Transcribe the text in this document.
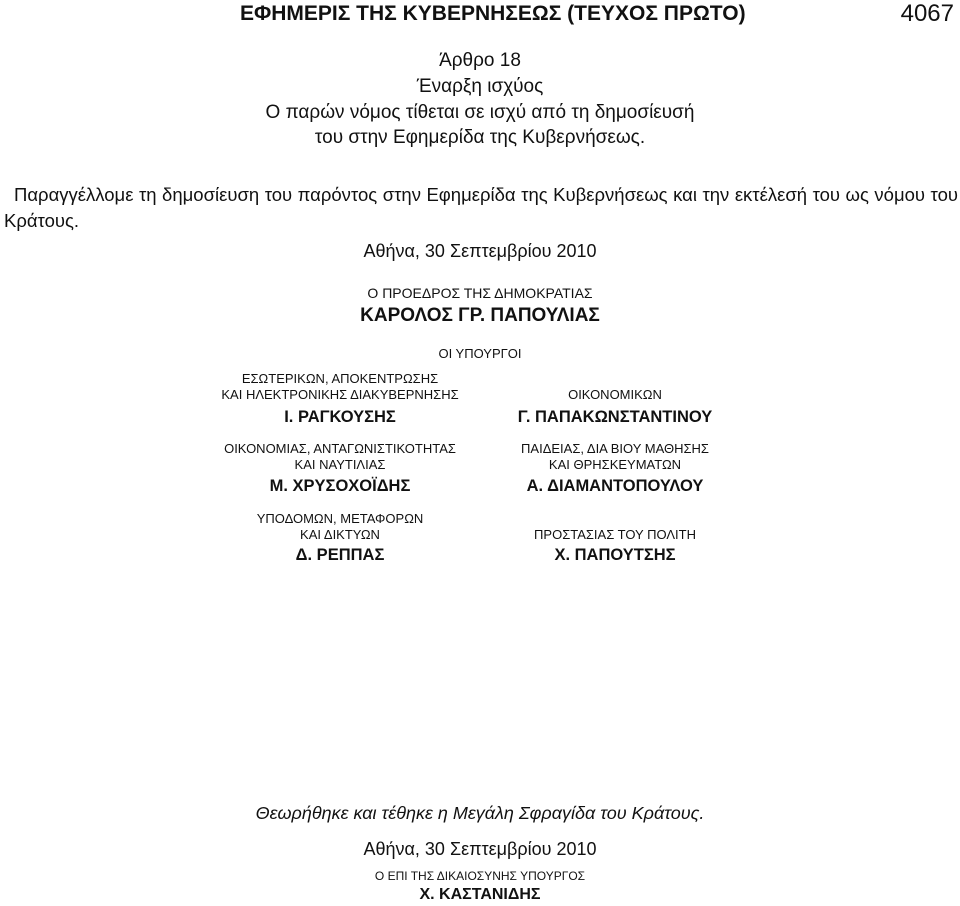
ΕΦΗΜΕΡΙΣ ΤΗΣ ΚΥΒΕΡΝΗΣΕΩΣ (ΤΕΥΧΟΣ ΠΡΩΤΟ)	4067
Άρθρο 18
Έναρξη ισχύος
Ο παρών νόμος τίθεται σε ισχύ από τη δημοσίευσή
του στην Εφημερίδα της Κυβερνήσεως.
Παραγγέλλομε τη δημοσίευση του παρόντος στην Εφημερίδα της Κυβερνήσεως και την εκτέλεσή του ως νόμου του Κράτους.
Αθήνα, 30 Σεπτεμβρίου 2010
Ο ΠΡΟΕΔΡΟΣ ΤΗΣ ΔΗΜΟΚΡΑΤΙΑΣ
ΚΑΡΟΛΟΣ ΓΡ. ΠΑΠΟΥΛΙΑΣ
ΟΙ ΥΠΟΥΡΓΟΙ
ΕΣΩΤΕΡΙΚΩΝ, ΑΠΟΚΕΝΤΡΩΣΗΣ
ΚΑΙ ΗΛΕΚΤΡΟΝΙΚΗΣ ΔΙΑΚΥΒΕΡΝΗΣΗΣ
Ι. ΡΑΓΚΟΥΣΗΣ
ΟΙΚΟΝΟΜΙΑΣ, ΑΝΤΑΓΩΝΙΣΤΙΚΟΤΗΤΑΣ
ΚΑΙ ΝΑΥΤΙΛΙΑΣ
Μ. ΧΡΥΣΟΧΟΪΔΗΣ
ΥΠΟΔΟΜΩΝ, ΜΕΤΑΦΟΡΩΝ
ΚΑΙ ΔΙΚΤΥΩΝ
Δ. ΡΕΠΠΑΣ
ΟΙΚΟΝΟΜΙΚΩΝ
Γ. ΠΑΠΑΚΩΝΣΤΑΝΤΙΝΟΥ
ΠΑΙΔΕΙΑΣ, ΔΙΑ ΒΙΟΥ ΜΑΘΗΣΗΣ
ΚΑΙ ΘΡΗΣΚΕΥΜΑΤΩΝ
Α. ΔΙΑΜΑΝΤΟΠΟΥΛΟΥ
ΠΡΟΣΤΑΣΙΑΣ ΤΟΥ ΠΟΛΙΤΗ
Χ. ΠΑΠΟΥΤΣΗΣ
Θεωρήθηκε και τέθηκε η Μεγάλη Σφραγίδα του Κράτους.
Αθήνα, 30 Σεπτεμβρίου 2010
Ο ΕΠΙ ΤΗΣ ΔΙΚΑΙΟΣΥΝΗΣ ΥΠΟΥΡΓΟΣ
Χ. ΚΑΣΤΑΝΙΔΗΣ
